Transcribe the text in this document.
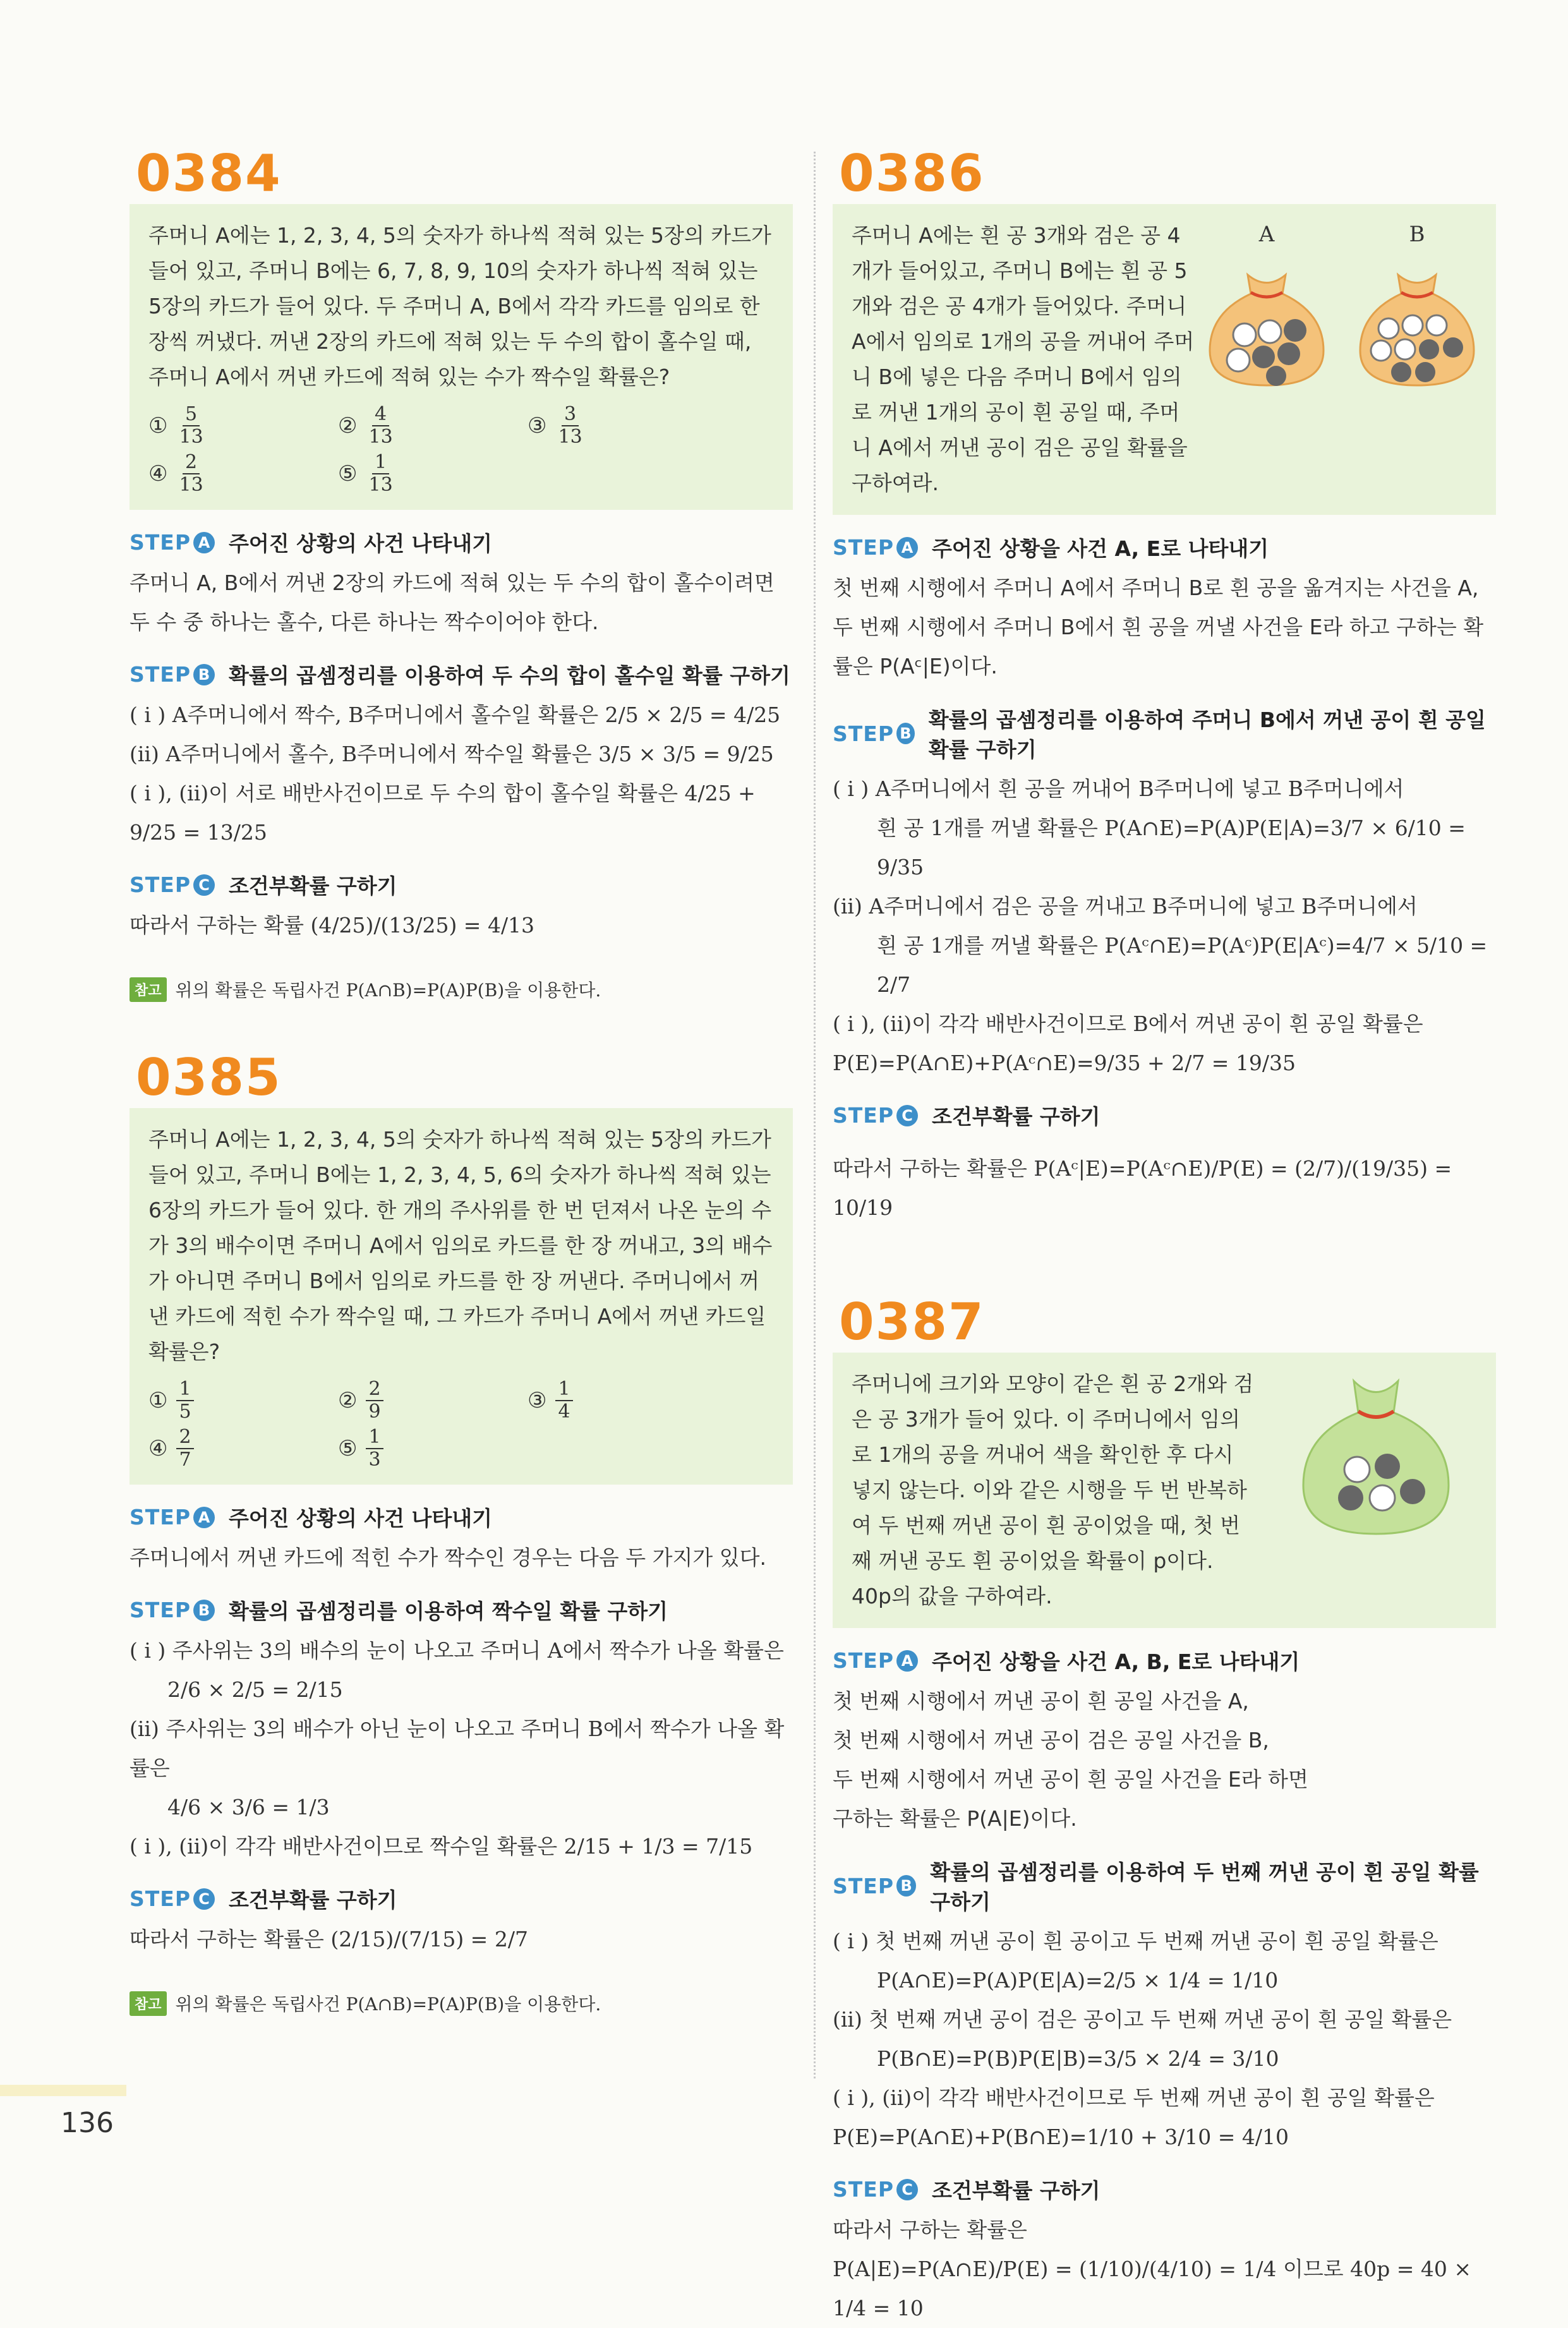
0384
주머니 A에는 1, 2, 3, 4, 5의 숫자가 하나씩 적혀 있는 5장의 카드가 들어 있고, 주머니 B에는 6, 7, 8, 9, 10의 숫자가 하나씩 적혀 있는 5장의 카드가 들어 있다. 두 주머니 A, B에서 각각 카드를 임의로 한 장씩 꺼냈다. 꺼낸 2장의 카드에 적혀 있는 두 수의 합이 홀수일 때, 주머니 A에서 꺼낸 카드에 적혀 있는 수가 짝수일 확률은?
① $\frac{5}{13}$	② $\frac{4}{13}$	③ $\frac{3}{13}$
④ $\frac{2}{13}$	⑤ $\frac{1}{13}$
STEP A 주어진 상황의 사건 나타내기

주머니 A, B에서 꺼낸 2장의 카드에 적혀 있는 두 수의 합이 홀수이려면 두 수 중 하나는 홀수, 다른 하나는 짝수이어야 한다.

STEP B 확률의 곱셈정리를 이용하여 두 수의 합이 홀수일 확률 구하기

( i ) A주머니에서 짝수, B주머니에서 홀수일 확률은 2/5 × 2/5 = 4/25

(ii) A주머니에서 홀수, B주머니에서 짝수일 확률은 3/5 × 3/5 = 9/25

( i ), (ii)이 서로 배반사건이므로 두 수의 합이 홀수일 확률은 4/25 + 9/25 = 13/25

STEP C 조건부확률 구하기

따라서 구하는 확률 (4/25)/(13/25) = 4/13

참고 위의 확률은 독립사건 P(A∩B)=P(A)P(B)을 이용한다.
0385
주머니 A에는 1, 2, 3, 4, 5의 숫자가 하나씩 적혀 있는 5장의 카드가 들어 있고, 주머니 B에는 1, 2, 3, 4, 5, 6의 숫자가 하나씩 적혀 있는 6장의 카드가 들어 있다. 한 개의 주사위를 한 번 던져서 나온 눈의 수가 3의 배수이면 주머니 A에서 임의로 카드를 한 장 꺼내고, 3의 배수가 아니면 주머니 B에서 임의로 카드를 한 장 꺼낸다. 주머니에서 꺼낸 카드에 적힌 수가 짝수일 때, 그 카드가 주머니 A에서 꺼낸 카드일 확률은?
① $\frac{1}{5}$	② $\frac{2}{9}$	③ $\frac{1}{4}$
④ $\frac{2}{7}$	⑤ $\frac{1}{3}$
STEP A 주어진 상황의 사건 나타내기

주머니에서 꺼낸 카드에 적힌 수가 짝수인 경우는 다음 두 가지가 있다.

STEP B 확률의 곱셈정리를 이용하여 짝수일 확률 구하기

( i ) 주사위는 3의 배수의 눈이 나오고 주머니 A에서 짝수가 나올 확률은

2/6 × 2/5 = 2/15

(ii) 주사위는 3의 배수가 아닌 눈이 나오고 주머니 B에서 짝수가 나올 확률은

4/6 × 3/6 = 1/3

( i ), (ii)이 각각 배반사건이므로 짝수일 확률은 2/15 + 1/3 = 7/15

STEP C 조건부확률 구하기

따라서 구하는 확률은 (2/15)/(7/15) = 2/7

참고 위의 확률은 독립사건 P(A∩B)=P(A)P(B)을 이용한다.
0386
주머니 A에는 흰 공 3개와 검은 공 4개가 들어있고, 주머니 B에는 흰 공 5개와 검은 공 4개가 들어있다. 주머니 A에서 임의로 1개의 공을 꺼내어 주머니 B에 넣은 다음 주머니 B에서 임의로 꺼낸 1개의 공이 흰 공일 때, 주머니 A에서 꺼낸 공이 검은 공일 확률을 구하여라.
A	B
STEP A 주어진 상황을 사건 A, E로 나타내기

첫 번째 시행에서 주머니 A에서 주머니 B로 흰 공을 옮겨지는 사건을 A, 두 번째 시행에서 주머니 B에서 흰 공을 꺼낼 사건을 E라 하고 구하는 확률은 P(Aᶜ|E)이다.

STEP B
확률의 곱셈정리를 이용하여 주머니 B에서 꺼낸 공이 흰 공일 확률 구하기

( i ) A주머니에서 흰 공을 꺼내어 B주머니에 넣고 B주머니에서

흰 공 1개를 꺼낼 확률은 P(A∩E)=P(A)P(E|A)=3/7 × 6/10 = 9/35

(ii) A주머니에서 검은 공을 꺼내고 B주머니에 넣고 B주머니에서

흰 공 1개를 꺼낼 확률은 P(Aᶜ∩E)=P(Aᶜ)P(E|Aᶜ)=4/7 × 5/10 = 2/7

( i ), (ii)이 각각 배반사건이므로 B에서 꺼낸 공이 흰 공일 확률은

P(E)=P(A∩E)+P(Aᶜ∩E)=9/35 + 2/7 = 19/35

STEP C 조건부확률 구하기

따라서 구하는 확률은 P(Aᶜ|E)=P(Aᶜ∩E)/P(E) = (2/7)/(19/35) = 10/19

0387
주머니에 크기와 모양이 같은 흰 공 2개와 검은 공 3개가 들어 있다. 이 주머니에서 임의로 1개의 공을 꺼내어 색을 확인한 후 다시 넣지 않는다. 이와 같은 시행을 두 번 반복하여 두 번째 꺼낸 공이 흰 공이었을 때, 첫 번째 꺼낸 공도 흰 공이었을 확률이 p이다. 40p의 값을 구하여라.
STEP A 주어진 상황을 사건 A, B, E로 나타내기

첫 번째 시행에서 꺼낸 공이 흰 공일 사건을 A,

첫 번째 시행에서 꺼낸 공이 검은 공일 사건을 B,

두 번째 시행에서 꺼낸 공이 흰 공일 사건을 E라 하면

구하는 확률은 P(A|E)이다.

STEP B
확률의 곱셈정리를 이용하여 두 번째 꺼낸 공이 흰 공일 확률 구하기

( i ) 첫 번째 꺼낸 공이 흰 공이고 두 번째 꺼낸 공이 흰 공일 확률은

P(A∩E)=P(A)P(E|A)=2/5 × 1/4 = 1/10

(ii) 첫 번째 꺼낸 공이 검은 공이고 두 번째 꺼낸 공이 흰 공일 확률은

P(B∩E)=P(B)P(E|B)=3/5 × 2/4 = 3/10

( i ), (ii)이 각각 배반사건이므로 두 번째 꺼낸 공이 흰 공일 확률은

P(E)=P(A∩E)+P(B∩E)=1/10 + 3/10 = 4/10

STEP C 조건부확률 구하기

따라서 구하는 확률은

P(A|E)=P(A∩E)/P(E) = (1/10)/(4/10) = 1/4 이므로 40p = 40 × 1/4 = 10

136
